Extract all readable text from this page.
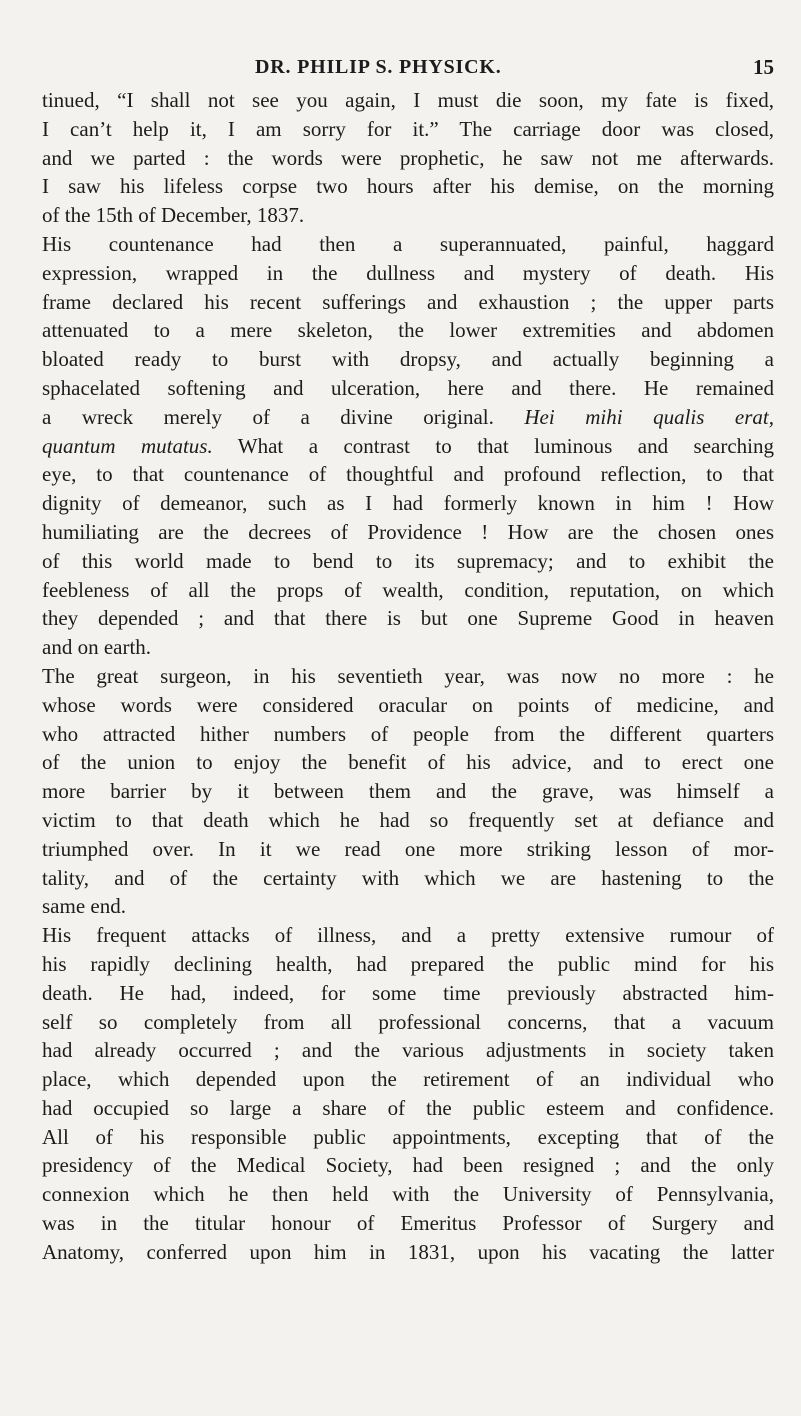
DR. PHILIP S. PHYSICK.	15
tinued, “I shall not see you again, I must die soon, my fate is fixed,
I can’t help it, I am sorry for it.” The carriage door was closed,
and we parted : the words were prophetic, he saw not me afterwards.
I saw his lifeless corpse two hours after his demise, on the morning
of the 15th of December, 1837.
His countenance had then a superannuated, painful, haggard
expression, wrapped in the dullness and mystery of death. His
frame declared his recent sufferings and exhaustion ; the upper parts
attenuated to a mere skeleton, the lower extremities and abdomen
bloated ready to burst with dropsy, and actually beginning a
sphacelated softening and ulceration, here and there. He remained
a wreck merely of a divine original. Hei mihi qualis erat,
quantum mutatus. What a contrast to that luminous and searching
eye, to that countenance of thoughtful and profound reflection, to that
dignity of demeanor, such as I had formerly known in him ! How
humiliating are the decrees of Providence ! How are the chosen ones
of this world made to bend to its supremacy; and to exhibit the
feebleness of all the props of wealth, condition, reputation, on which
they depended ; and that there is but one Supreme Good in heaven
and on earth.
The great surgeon, in his seventieth year, was now no more : he
whose words were considered oracular on points of medicine, and
who attracted hither numbers of people from the different quarters
of the union to enjoy the benefit of his advice, and to erect one
more barrier by it between them and the grave, was himself a
victim to that death which he had so frequently set at defiance and
triumphed over. In it we read one more striking lesson of mor-
tality, and of the certainty with which we are hastening to the
same end.
His frequent attacks of illness, and a pretty extensive rumour of
his rapidly declining health, had prepared the public mind for his
death. He had, indeed, for some time previously abstracted him-
self so completely from all professional concerns, that a vacuum
had already occurred ; and the various adjustments in society taken
place, which depended upon the retirement of an individual who
had occupied so large a share of the public esteem and confidence.
All of his responsible public appointments, excepting that of the
presidency of the Medical Society, had been resigned ; and the only
connexion which he then held with the University of Pennsylvania,
was in the titular honour of Emeritus Professor of Surgery and
Anatomy, conferred upon him in 1831, upon his vacating the latter
